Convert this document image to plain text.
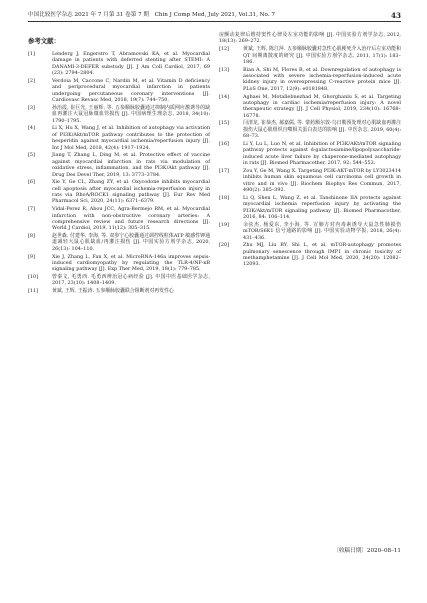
中国比较医学杂志 2021 年 7 月第 31 卷第 7 期　Chin J Comp Med, July 2021, Vol.31, No. 7	43
参考文献：
[1]	Lenderg J, Engerstro T, Abramovski KA, et al. Myocardial damage in patients with deferred stenting after STEMI: A DANAMI-3-DEFER substudy [J]. J Am Coll Cardiol, 2017, 69 (23): 2794–2804.
[2]	Verdoia M, Caccone C, Nardin M, et al. Vitamin D deficiency and periprocedural myocardial infarction in patients undergoing percutaneous coronary interventions [J]. Cardiovasc Revasc Med, 2018, 19(7): 744–750.
[3]	孙治霞, 崔巨光, 王丽辉, 等. 五参顺脉胶囊通过抑制内质网应激诱导的缺血再灌注大鼠冠脉微血管损伤 [J]. 中国病理生理杂志, 2018, 34(10): 1790–1795.
[4]	Li X, Hu X, Wang J, et al. Inhibition of autophagy via activation of PI3K/Akt/mTOR pathway contributes to the protection of hesperidin against myocardial ischemia/reperfusion injury [J]. Int J Mol Med, 2018, 42(4): 1917–1924.
[5]	Jiang T, Zhang L, Ding M, et al. Protective effect of vaccine against myocardial infarction in rats via modulation of oxidative stress, inflammation, and the PI3K/Akt pathway [J]. Drug Des Devel Ther, 2019, 13: 3773–3784.
[6]	Xie Y, Ge CL, Zhang ZY, et al. Oxycodone inhibits myocardial cell apoptosis after myocardial ischemia-reperfusion injury in rats via RhoA/ROCK1 signaling pathway [J]. Eur Rev Med Pharmacol Sci, 2020, 24(11): 6371–6379.
[7]	Vidal-Perez R, Abou JCC, Agra-Bermejo RM, et al. Myocardial infarction with non-obstructive coronary arteries: A comprehensive review and future research directions [J]. World J Cardiol, 2019, 11(12): 305–315.
[8]	赵世森, 付建华, 李海, 等. 双参宁心胶囊通过调控线粒体ATP 敏感性钾通道减轻大鼠心肌缺血/再灌注损伤 [J]. 中国实验方剂学杂志, 2020, 26(13): 104–110.
[9]	Xie J, Zhang L, Fan X, et al. MicroRNA-146a improves sepsis-induced cardiomyopathy by regulating the TLR-4/NF-κB signaling pathway [J]. Exp Ther Med, 2019, 18(1): 779–785.
[10]	曾秦文, 毛勇西. 毛勇西辨治冠心病经验 [J]. 中国中医基础医学杂志, 2017, 23(10): 1408–1409.
[11]	黄斌, 王辉, 王振涛. 五参顺脉胶囊联合阻断剂对再发性心
房颤动复律后维持窦性心律及左室功能的影响 [J]. 中国实验方剂学杂志, 2012, 18(13): 269–272.
[12]	黄斌, 王辉, 陈江萍. 五参顺脉胶囊对急性心肌梗死介入治疗后左室功能和 QT 间期离散度的研究 [J]. 中国实验方剂学杂志, 2011, 17(1): 183–186.
[13]	Bian A, Shi M, Flores B, et al. Downregulation of autophagy is associated with severe ischemia-reperfusion-induced acute kidney injury in overexpressing C-reactive protein mice [J]. PLoS One, 2017, 12(9): e0181848.
[14]	Aghaei M, Motallebnezhad M, Ghorghanlu S, et al. Targeting autophagy in cardiac ischemia/reperfusion injury: A novel therapeutic strategy [J]. J Cell Physiol, 2019, 234(10): 16768–16778.
[15]	闫清龙, 崔恭杰, 郝嘉儒, 等. 蒙药额尔敦-乌日勒预处理对心肌缺血再灌注损伤大鼠心肌组织自噬相关蛋白表达的影响 [J]. 中医杂志, 2019, 60(4): 68–73.
[16]	Li Y, Lu L, Luo N, et al. Inhibition of PI3K/AKt/mTOR signaling pathway protects against d-galactosamine/lipopolysaccharide-induced acute liver failure by chaperone-mediated autophagy in rats [J]. Biomed Pharmacother, 2017, 92: 544–553.
[17]	Zou Y, Ge M, Wang X. Targeting PI3K-AKT-mTOR by LY3023414 inhibits human skin squamous cell carcinoma cell growth in vitro and in vivo [J]. Biochem Biophys Res Commun, 2017, 490(2): 385–392.
[18]	Li Q, Shen L, Wang Z, et al. Tanshinone IIA protects against myocardial ischemia reperfusion injury by activating the PI3K/Akt/mTOR signaling pathway [J]. Biomed Pharmacother, 2016, 84: 106–114.
[19]	余弦杰, 杨爱东, 李小海, 等. 宣肺方对内毒素诱导大鼠急性肺损伤 mTOR/S6K1 信号通路的影响 [J]. 中国实验动物学报, 2018, 26(4): 431–436.
[20]	Zhu MJ, Liu BY, Shi L, et al. mTOR-autophagy promotes pulmonary senescence through IMP1 in chronic toxicity of methamphetamine [J]. J Cell Mol Med, 2020, 24(20): 12082–12093.
〔收稿日期〕2020–08–11
